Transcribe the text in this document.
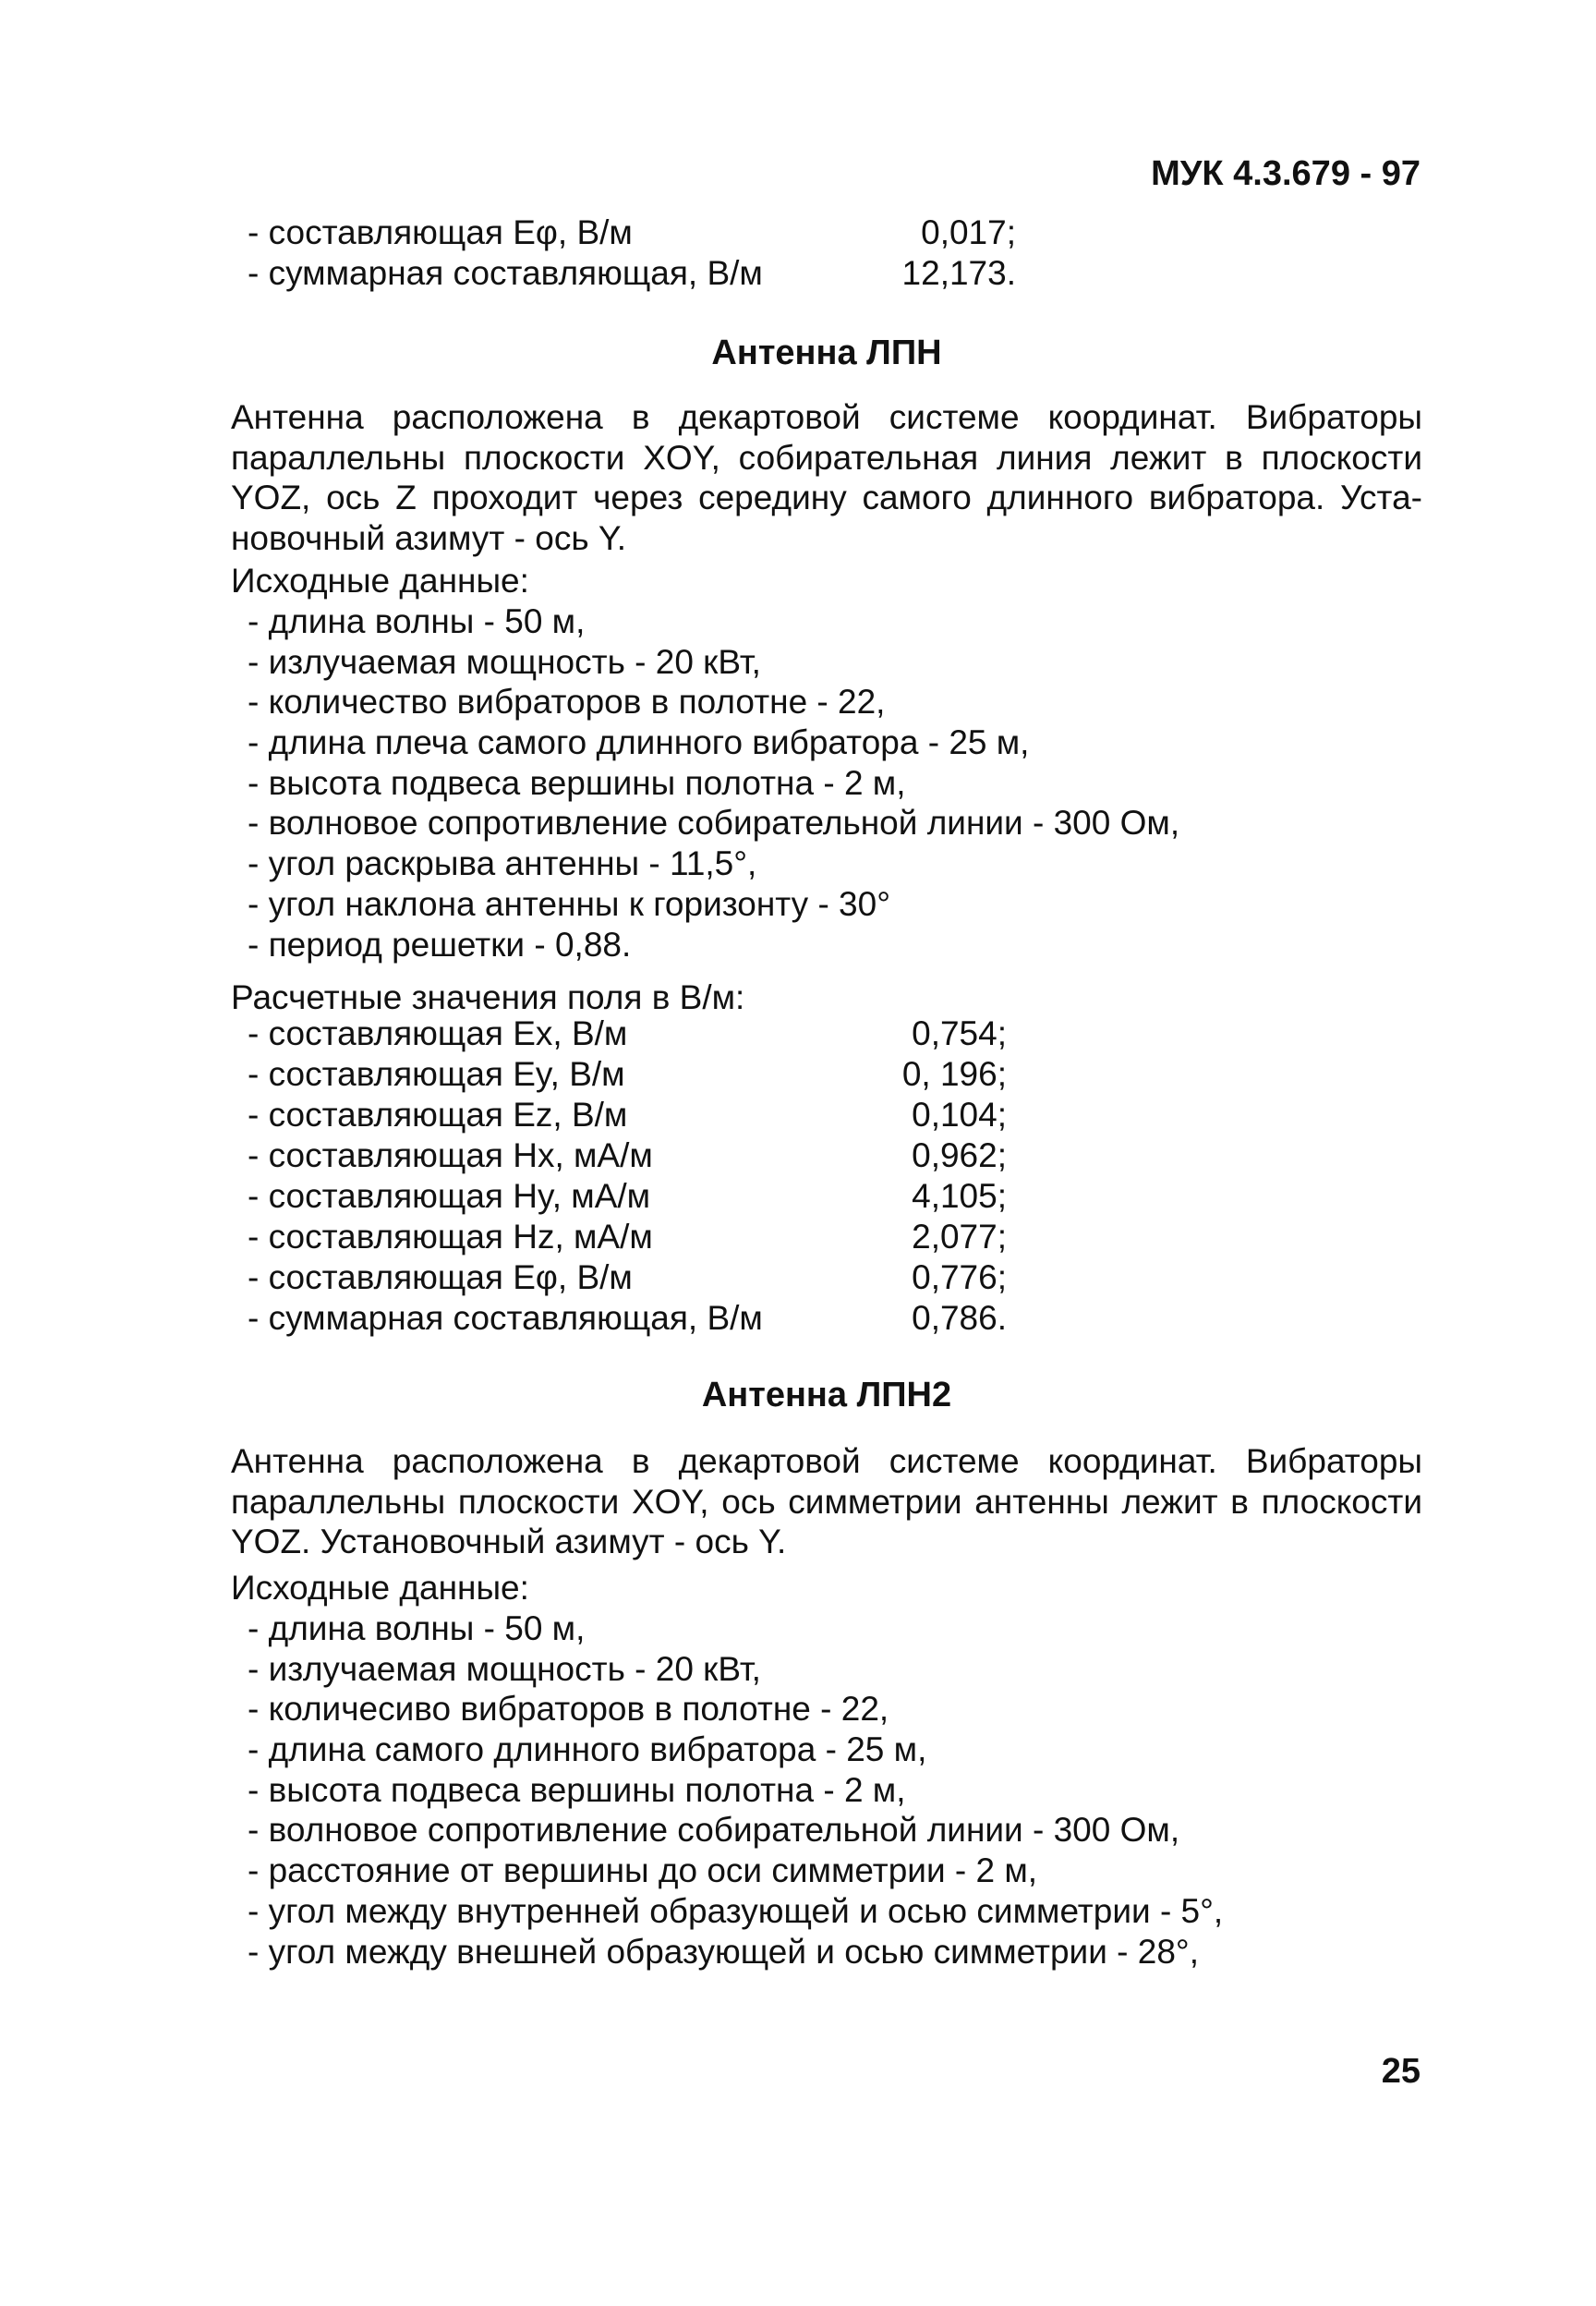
МУК 4.3.679 - 97
- составляющая Eφ, В/м	0,017;
- суммарная составляющая, В/м	12,173.
Антенна ЛПН
Антенна расположена в декартовой системе координат. Вибраторы
параллельны плоскости XOY, собирательная линия лежит в плоскости
YOZ, ось Z проходит через середину самого длинного вибратора. Уста-
новочный азимут - ось Y.
Исходные данные:
- длина волны - 50 м,
- излучаемая мощность - 20 кВт,
- количество вибраторов в полотне - 22,
- длина плеча самого длинного вибратора - 25 м,
- высота подвеса вершины полотна - 2 м,
- волновое сопротивление собирательной линии - 300 Ом,
- угол раскрыва антенны - 11,5°,
- угол наклона антенны к горизонту - 30°
- период решетки - 0,88.
Расчетные значения поля в В/м:
- составляющая Ex, В/м	0,754;
- составляющая Ey, В/м	0, 196;
- составляющая Ez, В/м	0,104;
- составляющая Hx, мА/м	0,962;
- составляющая Hy, мА/м	4,105;
- составляющая Hz, мА/м	2,077;
- составляющая Eφ, В/м	0,776;
- суммарная составляющая, В/м	0,786.
Антенна ЛПН2
Антенна расположена в декартовой системе координат. Вибраторы
параллельны плоскости XOY, ось симметрии антенны лежит в плоскости
YOZ. Установочный азимут - ось Y.
Исходные данные:
- длина волны - 50 м,
- излучаемая мощность - 20 кВт,
- количесиво вибраторов в полотне - 22,
- длина самого длинного вибратора - 25 м,
- высота подвеса вершины полотна - 2 м,
- волновое сопротивление собирательной линии - 300 Ом,
- расстояние от вершины до оси симметрии - 2 м,
- угол между внутренней образующей и осью симметрии - 5°,
- угол между внешней образующей и осью симметрии - 28°,
25
